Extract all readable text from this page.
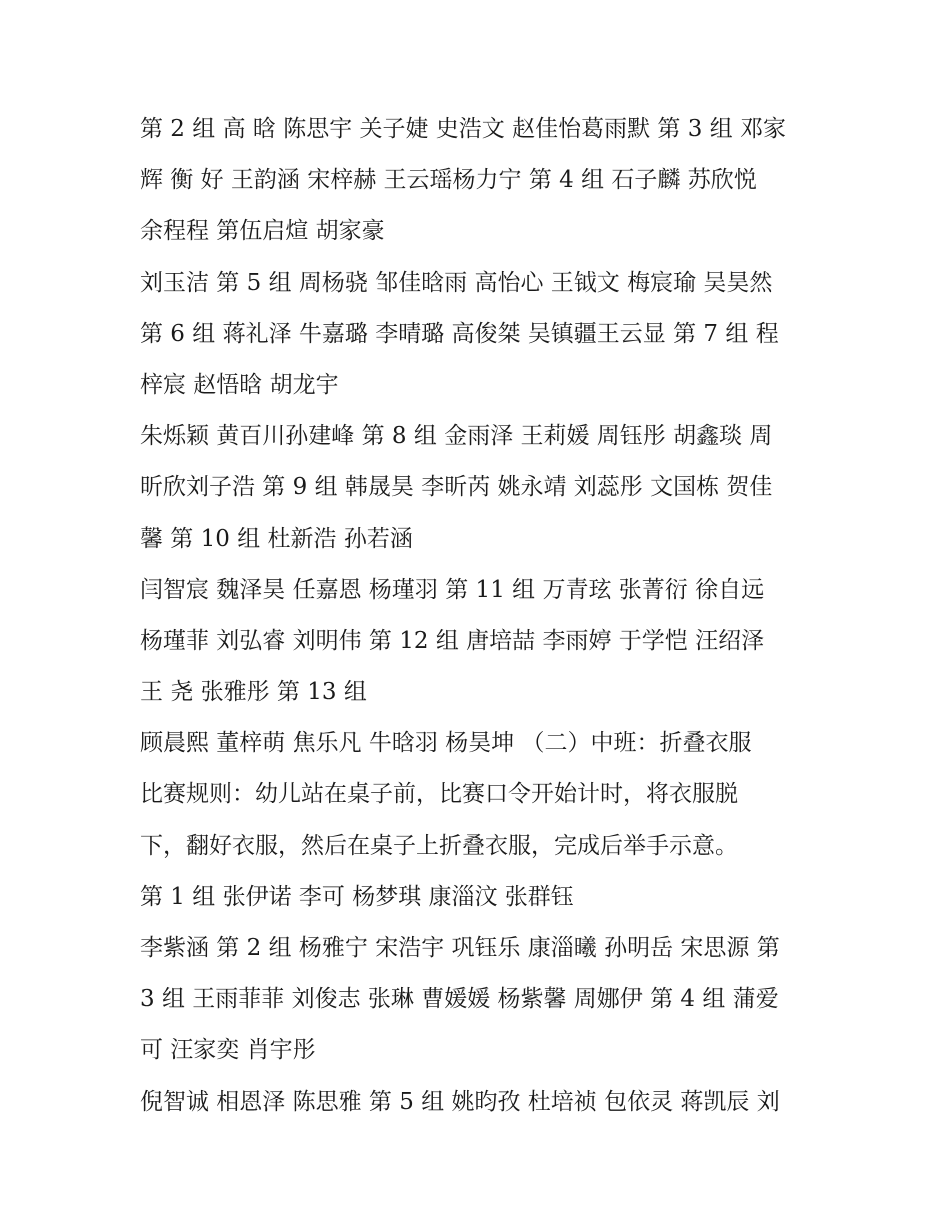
第 2 组 高 晗 陈思宇 关子婕 史浩文 赵佳怡葛雨默 第 3 组 邓家
辉 衡 好 王韵涵 宋梓赫 王云瑶杨力宁 第 4 组 石子麟 苏欣悦
余程程 第伍启煊 胡家豪
刘玉洁 第 5 组 周杨骁 邹佳晗雨 高怡心 王钺文 梅宸瑜 吴昊然
第 6 组 蒋礼泽 牛嘉璐 李晴璐 高俊桀 吴镇疆王云显 第 7 组 程
梓宸 赵悟晗 胡龙宇
朱烁颖 黄百川孙建峰 第 8 组 金雨泽 王莉媛 周钰彤 胡鑫琰 周
昕欣刘子浩 第 9 组 韩晟昊 李昕芮 姚永靖 刘蕊彤 文国栋 贺佳
馨 第 10 组 杜新浩 孙若涵
闫智宸 魏泽昊 任嘉恩 杨瑾羽 第 11 组 万青玹 张菁衍 徐自远
杨瑾菲 刘弘睿 刘明伟 第 12 组 唐培喆 李雨婷 于学恺 汪绍泽
王 尧 张雅彤 第 13 组
顾晨熙 董梓萌 焦乐凡 牛晗羽 杨昊坤 （二）中班：折叠衣服
比赛规则：幼儿站在桌子前，比赛口令开始计时，将衣服脱
下，翻好衣服，然后在桌子上折叠衣服，完成后举手示意。
第 1 组 张伊诺 李可 杨梦琪 康淄汶 张群钰
李紫涵 第 2 组 杨雅宁 宋浩宇 巩钰乐 康淄曦 孙明岳 宋思源 第
3 组 王雨菲菲 刘俊志 张琳 曹媛媛 杨紫馨 周娜伊 第 4 组 蒲爱
可 汪家奕 肖宇彤
倪智诚 相恩泽 陈思雅 第 5 组 姚昀孜 杜培祯 包依灵 蒋凯辰 刘
